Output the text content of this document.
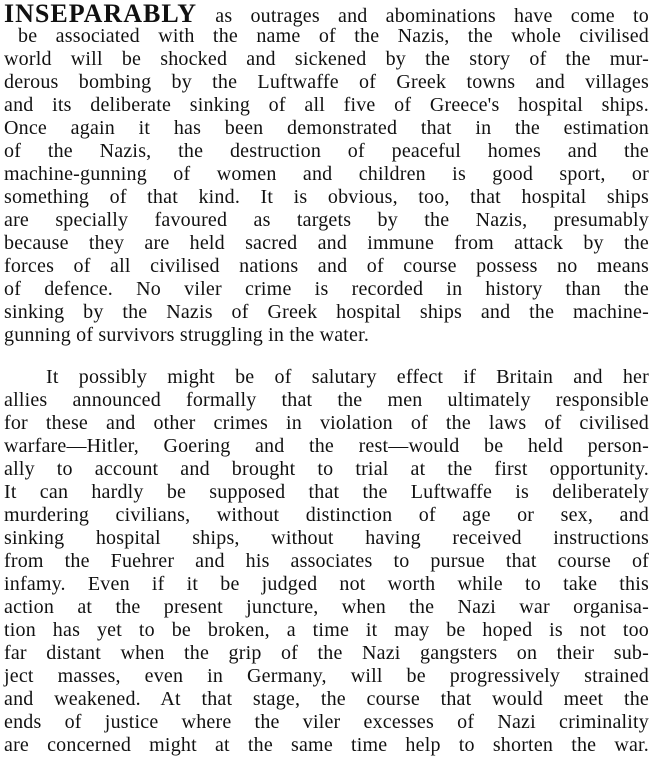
INSEPARABLY as outrages and abominations have come to
be associated with the name of the Nazis, the whole civilised
world will be shocked and sickened by the story of the mur-
derous bombing by the Luftwaffe of Greek towns and villages
and its deliberate sinking of all five of Greece's hospital ships.
Once again it has been demonstrated that in the estimation
of the Nazis, the destruction of peaceful homes and the
machine-gunning of women and children is good sport, or
something of that kind. It is obvious, too, that hospital ships
are specially favoured as targets by the Nazis, presumably
because they are held sacred and immune from attack by the
forces of all civilised nations and of course possess no means
of defence. No viler crime is recorded in history than the
sinking by the Nazis of Greek hospital ships and the machine-
gunning of survivors struggling in the water.
It possibly might be of salutary effect if Britain and her
allies announced formally that the men ultimately responsible
for these and other crimes in violation of the laws of civilised
warfare—Hitler, Goering and the rest—would be held person-
ally to account and brought to trial at the first opportunity.
It can hardly be supposed that the Luftwaffe is deliberately
murdering civilians, without distinction of age or sex, and
sinking hospital ships, without having received instructions
from the Fuehrer and his associates to pursue that course of
infamy. Even if it be judged not worth while to take this
action at the present juncture, when the Nazi war organisa-
tion has yet to be broken, a time it may be hoped is not too
far distant when the grip of the Nazi gangsters on their sub-
ject masses, even in Germany, will be progressively strained
and weakened. At that stage, the course that would meet the
ends of justice where the viler excesses of Nazi criminality
are concerned might at the same time help to shorten the war.
